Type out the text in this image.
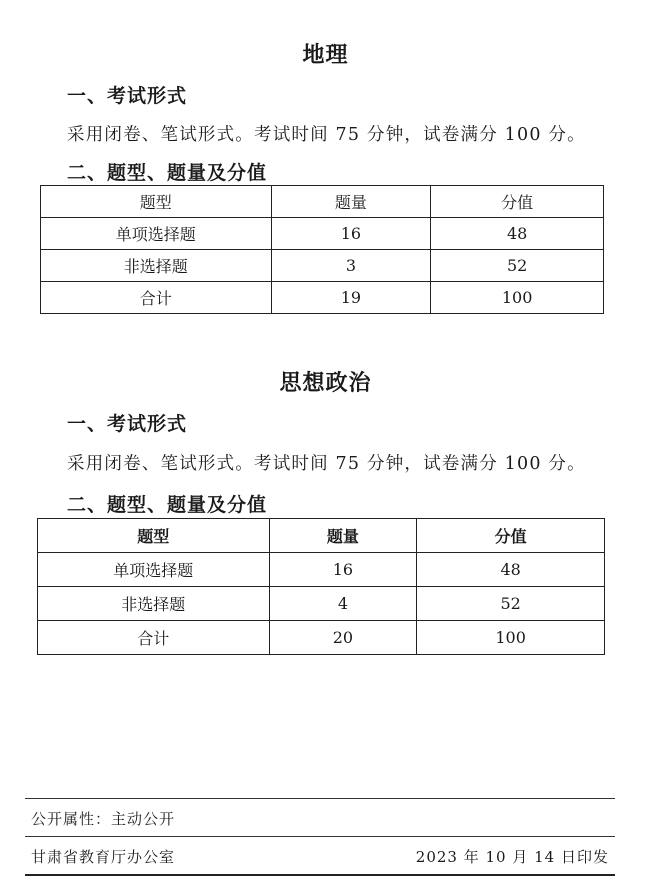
地理
一、考试形式
采用闭卷、笔试形式。考试时间 75 分钟，试卷满分 100 分。
二、题型、题量及分值
题型	题量	分值
单项选择题	16	48
非选择题	3	52
合计	19	100
思想政治
一、考试形式
采用闭卷、笔试形式。考试时间 75 分钟，试卷满分 100 分。
二、题型、题量及分值
题型	题量	分值
单项选择题	16	48
非选择题	4	52
合计	20	100
公开属性：主动公开
甘肃省教育厅办公室	2023 年 10 月 14 日印发
